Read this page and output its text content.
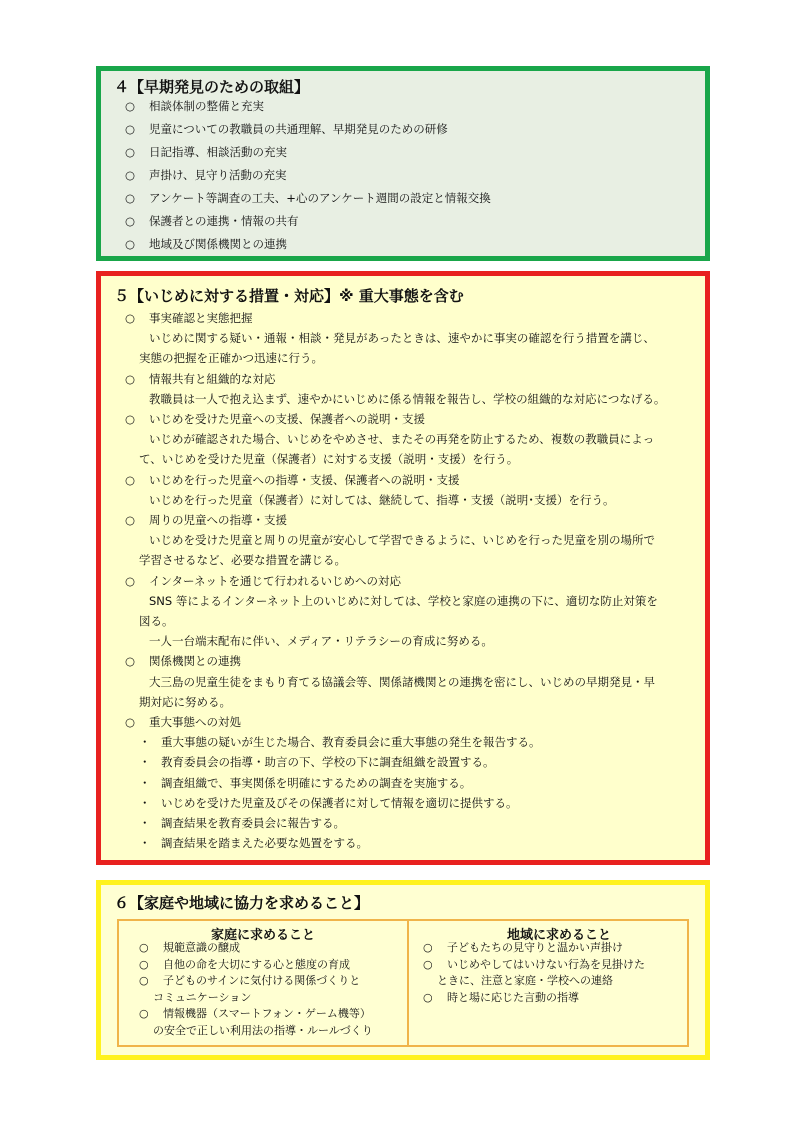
４【早期発見のための取組】
○ 相談体制の整備と充実
○ 児童についての教職員の共通理解、早期発見のための研修
○ 日記指導、相談活動の充実
○ 声掛け、見守り活動の充実
○ アンケート等調査の工夫、+心のアンケート週間の設定と情報交換
○ 保護者との連携・情報の共有
○ 地域及び関係機関との連携
５【いじめに対する措置・対応】※ 重大事態を含む
○ 事実確認と実態把握
いじめに関する疑い・通報・相談・発見があったときは、速やかに事実の確認を行う措置を講じ、
実態の把握を正確かつ迅速に行う。
○ 情報共有と組織的な対応
教職員は一人で抱え込まず、速やかにいじめに係る情報を報告し、学校の組織的な対応につなげる。
○ いじめを受けた児童への支援、保護者への説明・支援
いじめが確認された場合、いじめをやめさせ、またその再発を防止するため、複数の教職員によっ
て、いじめを受けた児童（保護者）に対する支援（説明・支援）を行う。
○ いじめを行った児童への指導・支援、保護者への説明・支援
いじめを行った児童（保護者）に対しては、継続して、指導・支援（説明･支援）を行う。
○ 周りの児童への指導・支援
いじめを受けた児童と周りの児童が安心して学習できるように、いじめを行った児童を別の場所で
学習させるなど、必要な措置を講じる。
○ インターネットを通じて行われるいじめへの対応
SNS 等によるインターネット上のいじめに対しては、学校と家庭の連携の下に、適切な防止対策を
図る。
一人一台端末配布に伴い、メディア・リテラシーの育成に努める。
○ 関係機関との連携
大三島の児童生徒をまもり育てる協議会等、関係諸機関との連携を密にし、いじめの早期発見・早
期対応に努める。
○ 重大事態への対処
・ 重大事態の疑いが生じた場合、教育委員会に重大事態の発生を報告する。
・ 教育委員会の指導・助言の下、学校の下に調査組織を設置する。
・ 調査組織で、事実関係を明確にするための調査を実施する。
・ いじめを受けた児童及びその保護者に対して情報を適切に提供する。
・ 調査結果を教育委員会に報告する。
・ 調査結果を踏まえた必要な処置をする。
６【家庭や地域に協力を求めること】
家庭に求めること	地域に求めること
○ 規範意識の醸成
○ 自他の命を大切にする心と態度の育成
○ 子どものサインに気付ける関係づくりと
コミュニケーション
○ 情報機器（スマートフォン・ゲーム機等）
の安全で正しい利用法の指導・ルールづくり
○ 子どもたちの見守りと温かい声掛け
○ いじめやしてはいけない行為を見掛けた
ときに、注意と家庭・学校への連絡
○ 時と場に応じた言動の指導
